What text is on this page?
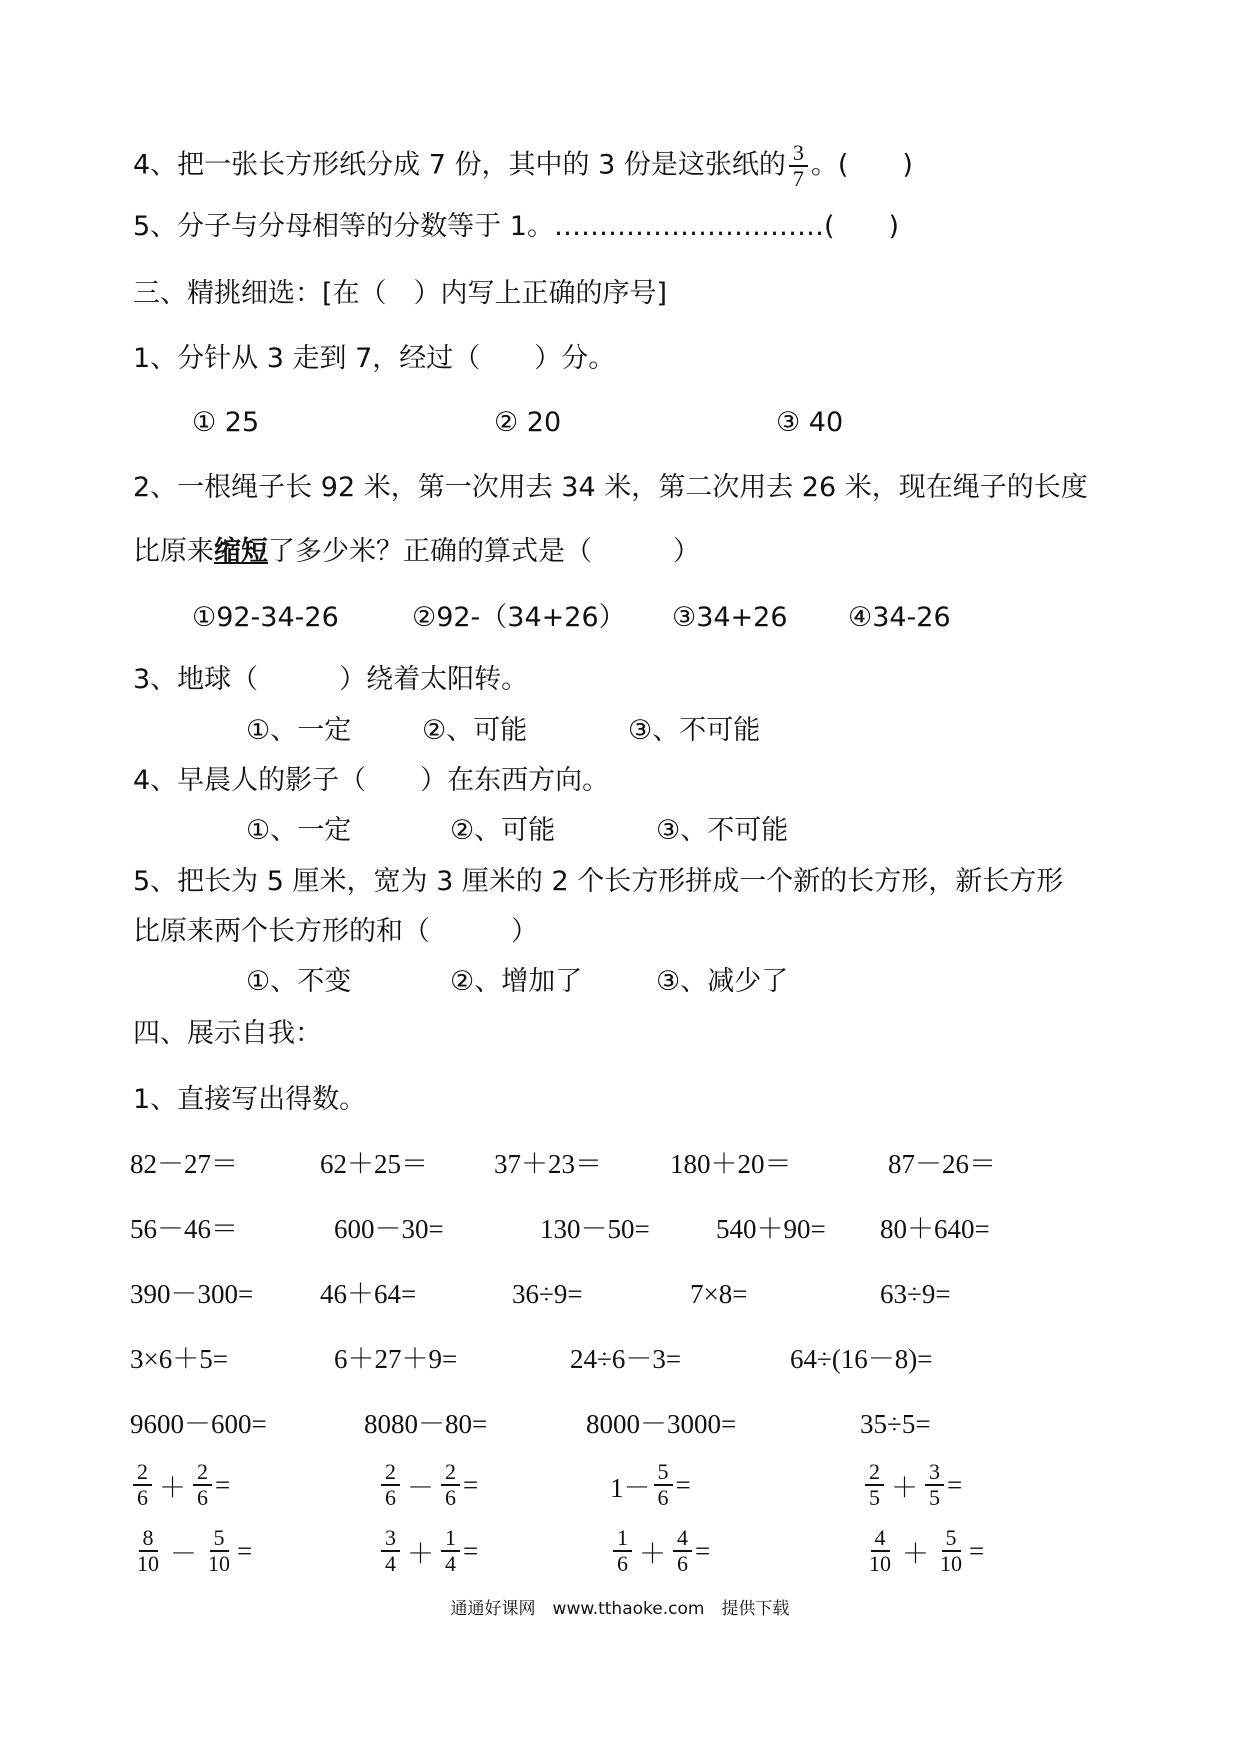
4、把一张长方形纸分成 7 份，其中的 3 份是这张纸的 $\frac{3}{7}$ 。(　　)
5、分子与分母相等的分数等于 1。…………………………(　　)
三、精挑细选：[在（　）内写上正确的序号]
1、分针从 3 走到 7，经过（　　）分。
① 25	② 20	③ 40
2、一根绳子长 92 米，第一次用去 34 米，第二次用去 26 米，现在绳子的长度
比原来缩短了多少米？正确的算式是（　　　）
①92-34-26	②92-（34+26） ③34+26 ④34-26
3、地球（　　　）绕着太阳转。
①、一定	②、可能	③、不可能
4、早晨人的影子（　　）在东西方向。
①、一定	②、可能	③、不可能
5、把长为 5 厘米，宽为 3 厘米的 2 个长方形拼成一个新的长方形，新长方形
比原来两个长方形的和（　　　）
①、不变	②、增加了	③、减少了
四、展示自我：
1、直接写出得数。
82－27＝	62＋25＝ 37＋23＝	180＋20＝	87－26＝
56－46＝	600－30=	130－50= 540＋90= 80＋640=
390－300= 46＋64=	36÷9=	7×8=	63÷9=
3×6＋5=	6＋27＋9=	24÷6－3=	64÷(16－8)=
9600－600=	8080－80=	8000－3000=	35÷5=
$\frac{2}{6} + \frac{2}{6}$ =	$\frac{2}{6} - \frac{2}{6}$ =	$1- \frac{5}{6}$ =	$\frac{2}{5} + \frac{3}{5}$ =
$\frac{8}{10} - \frac{5}{10}$ =	$\frac{3}{4} + \frac{1}{4}$ =	$\frac{1}{6} + \frac{4}{6}$ =	$\frac{4}{10} + \frac{5}{10}$ =
通通好课网　www.tthaoke.com　提供下载
